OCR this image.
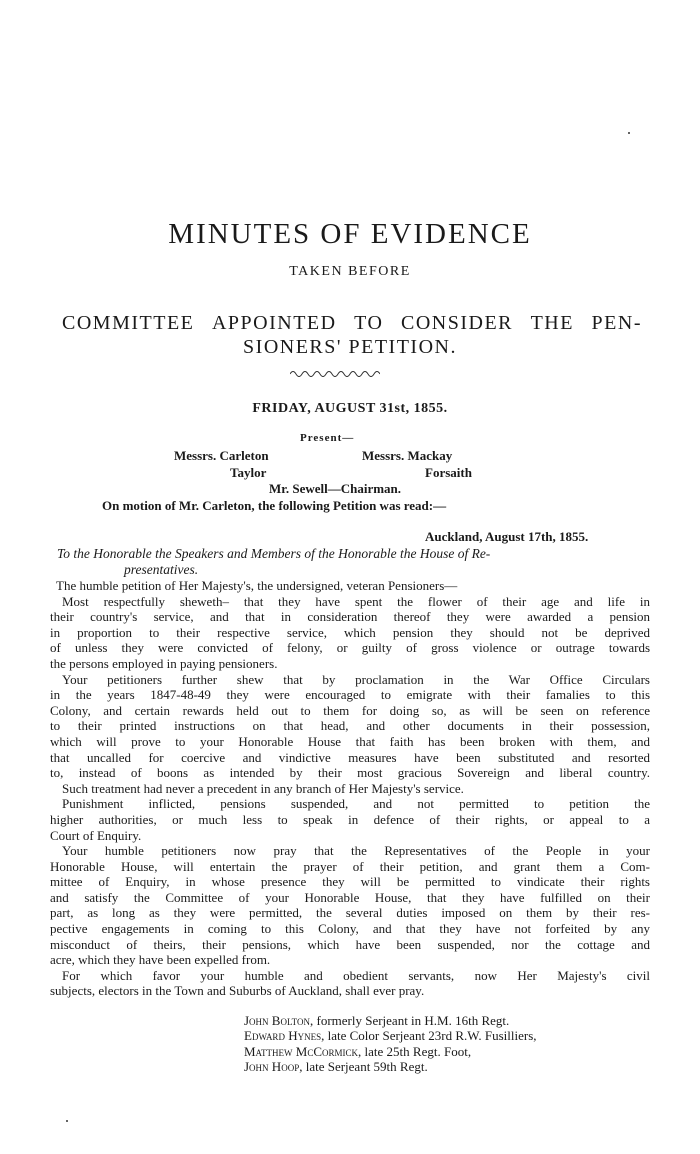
MINUTES OF EVIDENCE
TAKEN BEFORE
COMMITTEE APPOINTED TO CONSIDER THE PEN-
SIONERS' PETITION.
FRIDAY, AUGUST 31st, 1855.
Present—
Messrs. Carleton
Taylor
Messrs. Mackay
Forsaith
Mr. Sewell—Chairman.
On motion of Mr. Carleton, the following Petition was read:—
Auckland, August 17th, 1855.
To the Honorable the Speakers and Members of the Honorable the House of Re-
presentatives.
The humble petition of Her Majesty's, the undersigned, veteran Pensioners—
Most respectfully sheweth– that they have spent the flower of their age and life in
their country's service, and that in consideration thereof they were awarded a pension
in proportion to their respective service, which pension they should not be deprived
of unless they were convicted of felony, or guilty of gross violence or outrage towards
the persons employed in paying pensioners.
Your petitioners further shew that by proclamation in the War Office Circulars
in the years 1847-48-49 they were encouraged to emigrate with their famalies to this
Colony, and certain rewards held out to them for doing so, as will be seen on reference
to their printed instructions on that head, and other documents in their possession,
which will prove to your Honorable House that faith has been broken with them, and
that uncalled for coercive and vindictive measures have been substituted and resorted
to, instead of boons as intended by their most gracious Sovereign and liberal country.
Such treatment had never a precedent in any branch of Her Majesty's service.
Punishment inflicted, pensions suspended, and not permitted to petition the
higher authorities, or much less to speak in defence of their rights, or appeal to a
Court of Enquiry.
Your humble petitioners now pray that the Representatives of the People in your
Honorable House, will entertain the prayer of their petition, and grant them a Com-
mittee of Enquiry, in whose presence they will be permitted to vindicate their rights
and satisfy the Committee of your Honorable House, that they have fulfilled on their
part, as long as they were permitted, the several duties imposed on them by their res-
pective engagements in coming to this Colony, and that they have not forfeited by any
misconduct of theirs, their pensions, which have been suspended, nor the cottage and
acre, which they have been expelled from.
For which favor your humble and obedient servants, now Her Majesty's civil
subjects, electors in the Town and Suburbs of Auckland, shall ever pray.
John Bolton, formerly Serjeant in H.M. 16th Regt.
Edward Hynes, late Color Serjeant 23rd R.W. Fusilliers,
Matthew McCormick, late 25th Regt. Foot,
John Hoop, late Serjeant 59th Regt.
